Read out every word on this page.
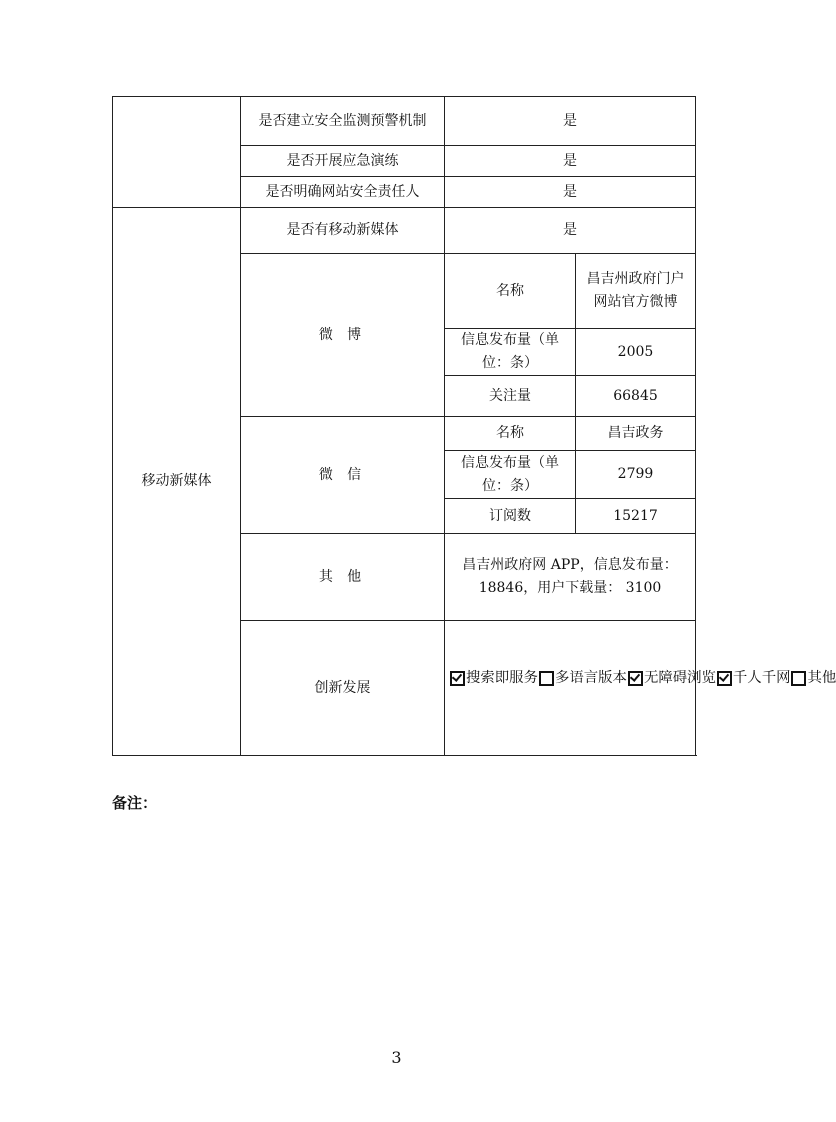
	是否建立安全监测预警机制	是	
	是否开展应急演练	是	
	是否明确网站安全责任人	是	
移动新媒体	是否有移动新媒体	是	
	微 博	名称	昌吉州政府门户网站官方微博
		信息发布量（单位：条）	2005
		关注量	66845
	微 信	名称	昌吉政务
		信息发布量（单位：条）	2799
		订阅数	15217
	其 他	昌吉州政府网 APP，信息发布量：18846，用户下载量： 3100	
	创新发展	搜索即服务 多语言版本 无障碍浏览 千人千网 其他	
备注：
3
